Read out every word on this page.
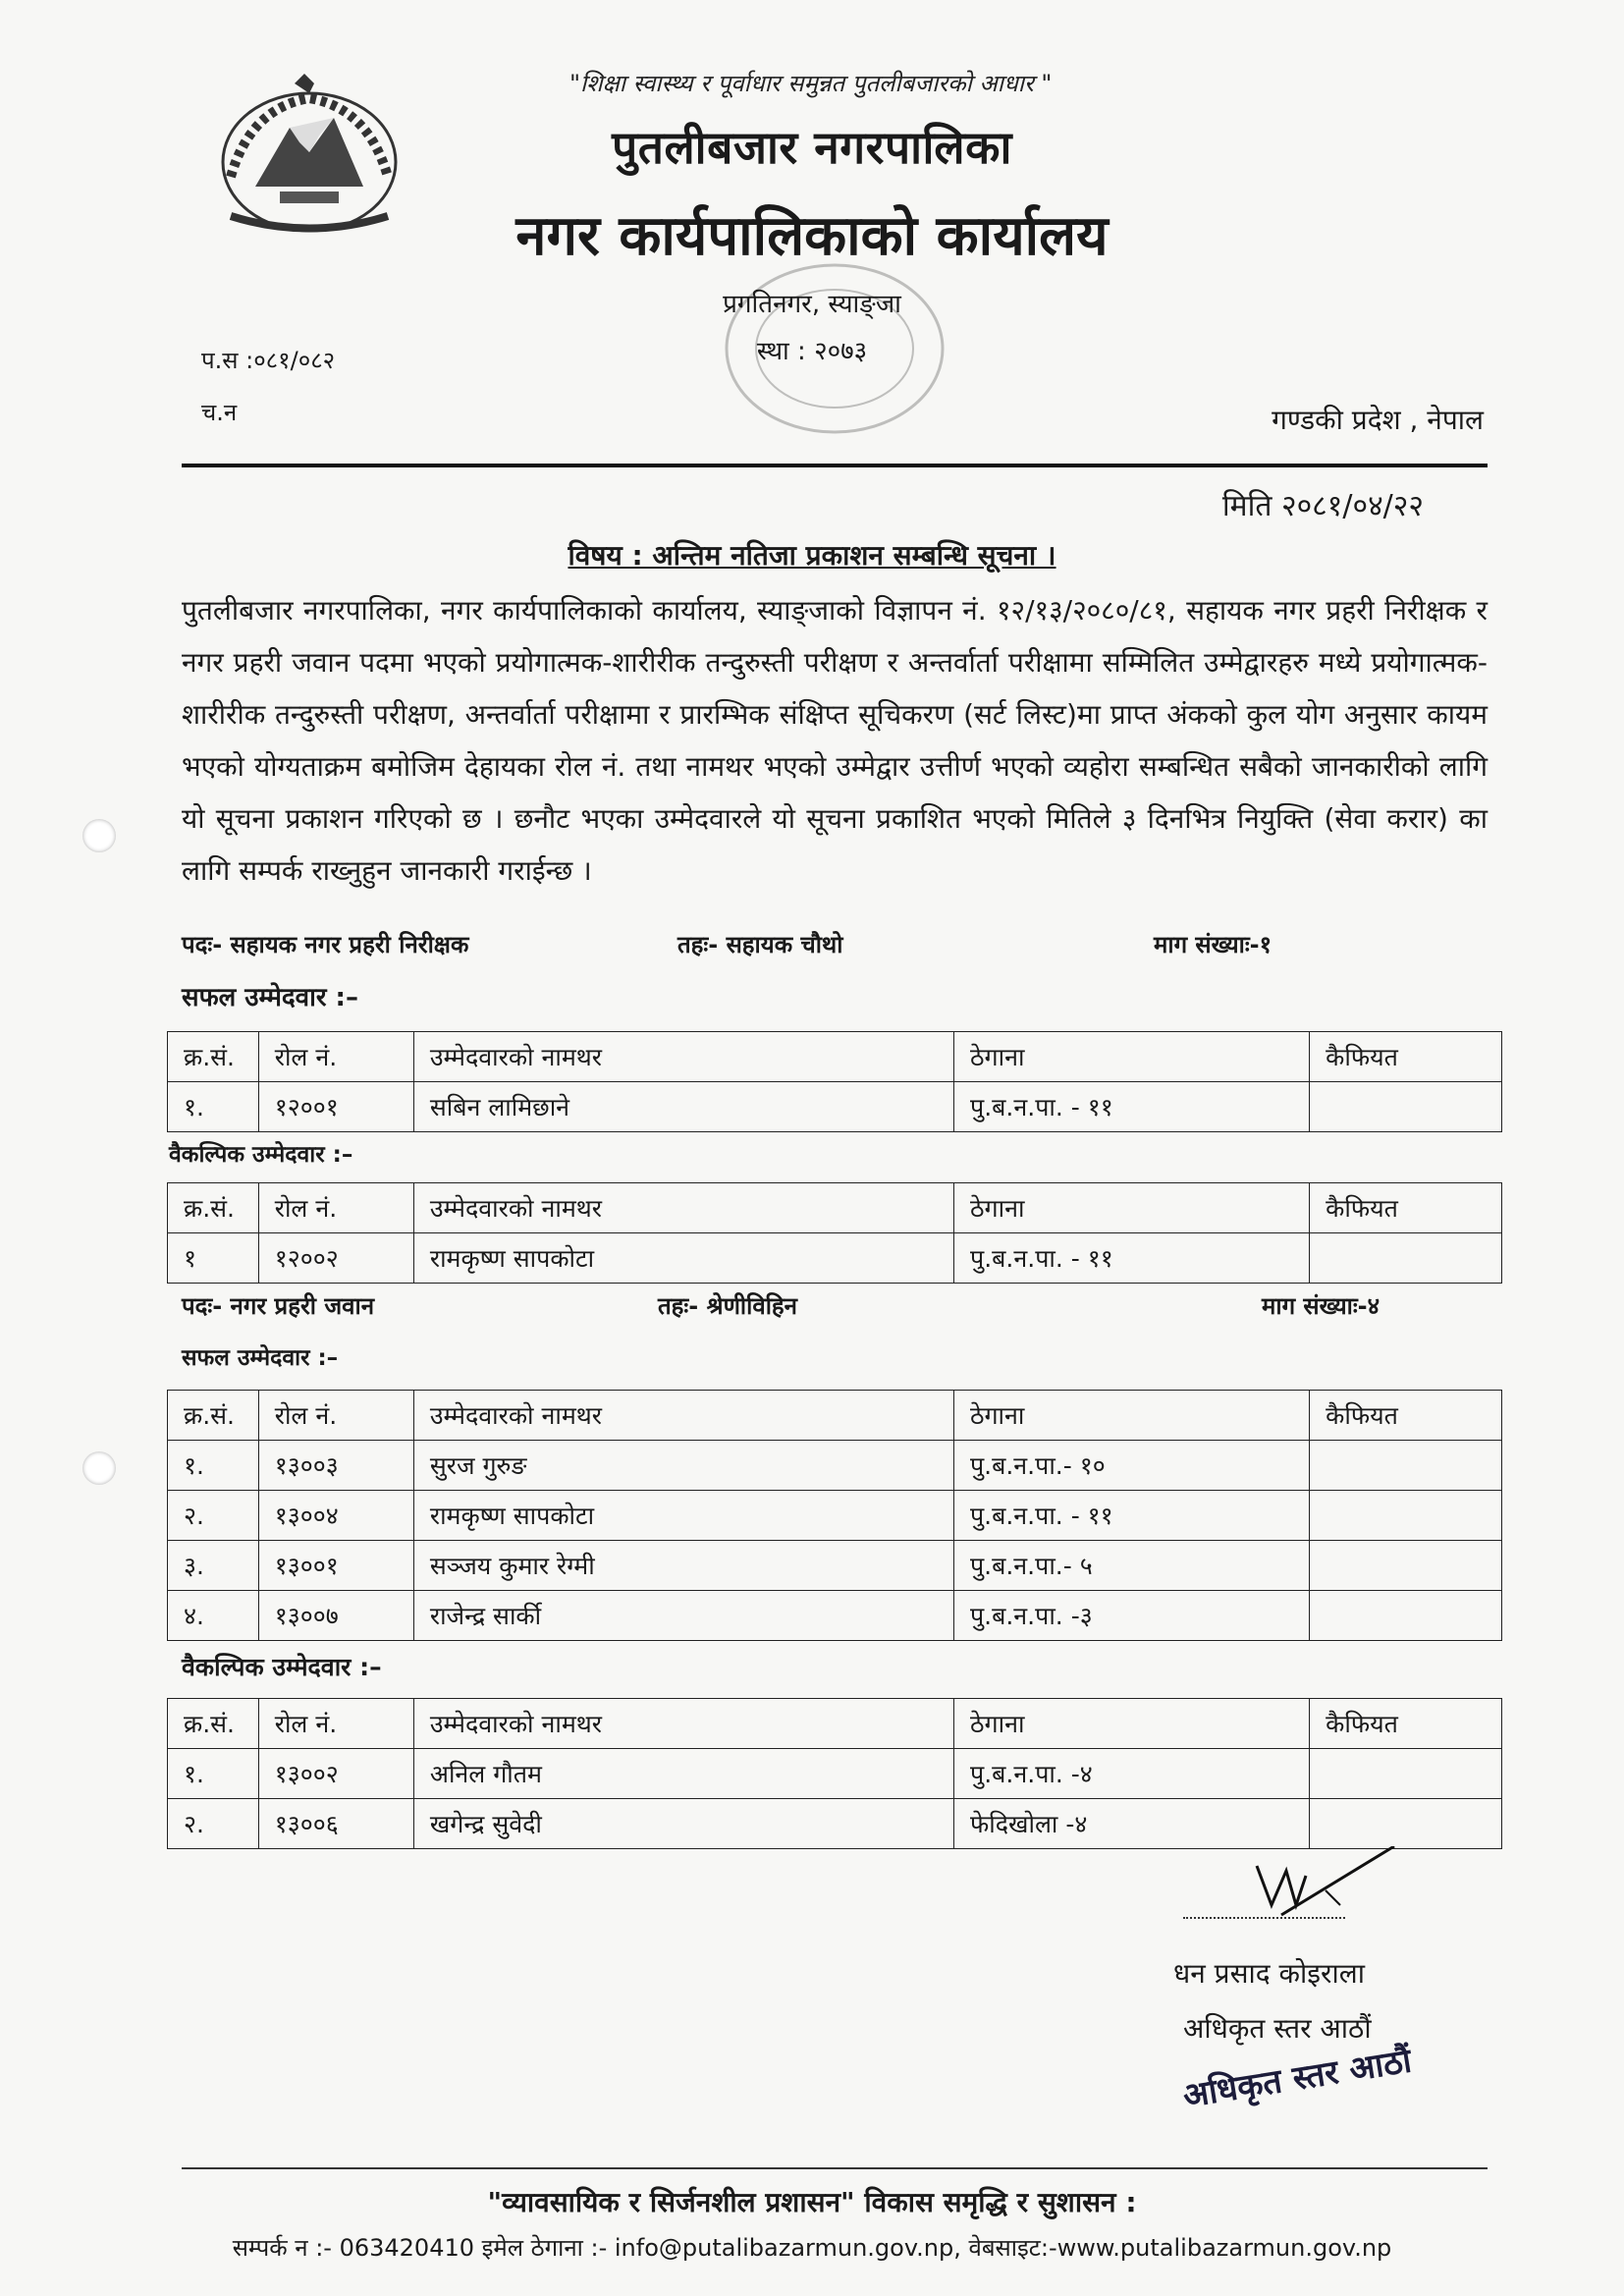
"शिक्षा स्वास्थ्य र पूर्वाधार समुन्नत पुतलीबजारको आधार "
पुतलीबजार नगरपालिका
नगर कार्यपालिकाको कार्यालय
प्रगतिनगर, स्याङ्जा
स्था : २०७३
प.स :०८१/०८२
च.न	गण्डकी प्रदेश , नेपाल
मिति २०८१/०४/२२
विषय : अन्तिम नतिजा प्रकाशन सम्बन्धि सूचना ।
पुतलीबजार नगरपालिका, नगर कार्यपालिकाको कार्यालय, स्याङ्जाको विज्ञापन नं. १२/१३/२०८०/८१, सहायक नगर प्रहरी निरीक्षक र नगर प्रहरी जवान पदमा भएको प्रयोगात्मक-शारीरीक तन्दुरुस्ती परीक्षण र अन्तर्वार्ता परीक्षामा सम्मिलित उम्मेद्वारहरु मध्ये प्रयोगात्मक-शारीरीक तन्दुरुस्ती परीक्षण, अन्तर्वार्ता परीक्षामा र प्रारम्भिक संक्षिप्त सूचिकरण (सर्ट लिस्ट)मा प्राप्त अंकको कुल योग अनुसार कायम भएको योग्यताक्रम बमोजिम देहायका रोल नं. तथा नामथर भएको उम्मेद्वार उत्तीर्ण भएको व्यहोरा सम्बन्धित सबैको जानकारीको लागि यो सूचना प्रकाशन गरिएको छ । छनौट भएका उम्मेदवारले यो सूचना प्रकाशित भएको मितिले ३ दिनभित्र नियुक्ति (सेवा करार) का लागि सम्पर्क राख्नुहुन जानकारी गराईन्छ ।
पदः- सहायक नगर प्रहरी निरीक्षक	तहः- सहायक चौथो	माग संख्याः-१
सफल उम्मेदवार :–
क्र.सं.	रोल नं.	उम्मेदवारको नामथर	ठेगाना	कैफियत
१.	१२००१	सबिन लामिछाने	पु.ब.न.पा. - ११	
वैकल्पिक उम्मेदवार :–
क्र.सं.	रोल नं.	उम्मेदवारको नामथर	ठेगाना	कैफियत
१	१२००२	रामकृष्ण सापकोटा	पु.ब.न.पा. - ११	
पदः- नगर प्रहरी जवान	तहः- श्रेणीविहिन	माग संख्याः-४
सफल उम्मेदवार :–
क्र.सं.	रोल नं.	उम्मेदवारको नामथर	ठेगाना	कैफियत
१.	१३००३	सुरज गुरुङ	पु.ब.न.पा.- १०	
२.	१३००४	रामकृष्ण सापकोटा	पु.ब.न.पा. - ११	
३.	१३००१	सञ्जय कुमार रेग्मी	पु.ब.न.पा.- ५	
४.	१३००७	राजेन्द्र सार्की	पु.ब.न.पा. -३	
वैकल्पिक उम्मेदवार :–
क्र.सं.	रोल नं.	उम्मेदवारको नामथर	ठेगाना	कैफियत
१.	१३००२	अनिल गौतम	पु.ब.न.पा. -४	
२.	१३००६	खगेन्द्र सुवेदी	फेदिखोला -४	
धन प्रसाद कोइराला
अधिकृत स्तर आठौं
अधिकृत स्तर आठौं
"व्यावसायिक र सिर्जनशील प्रशासन" विकास समृद्धि र सुशासन :
सम्पर्क न :- 063420410 इमेल ठेगाना :- info@putalibazarmun.gov.np, वेबसाइट:-www.putalibazarmun.gov.np
